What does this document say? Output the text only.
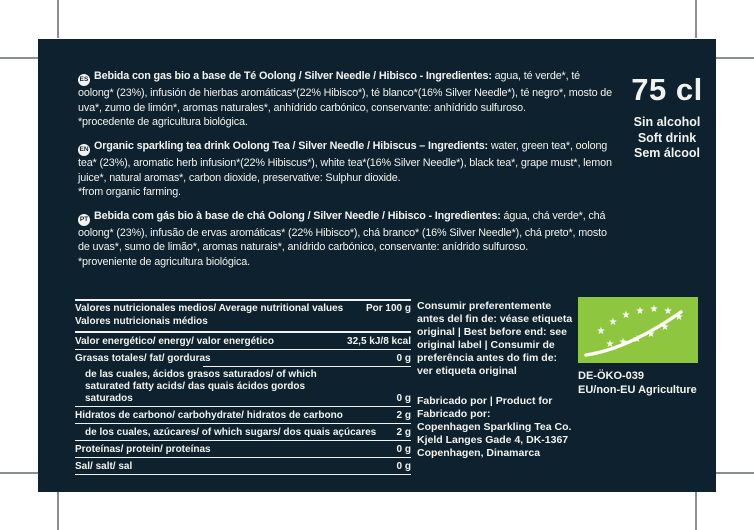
ES Bebida con gas bio a base de Té Oolong / Silver Needle / Hibisco - Ingredientes: agua, té verde*, té oolong* (23%), infusión de hierbas aromáticas*(22% Hibisco*), té blanco*(16% Silver Needle*), té negro*, mosto de uva*, zumo de limón*, aromas naturales*, anhídrido carbónico, conservante: anhídrido sulfuroso.
*procedente de agricultura biológica.
EN Organic sparkling tea drink Oolong Tea / Silver Needle / Hibiscus – Ingredients: water, green tea*, oolong tea* (23%), aromatic herb infusion*(22% Hibiscus*), white tea*(16% Silver Needle*), black tea*, grape must*, lemon juice*, natural aromas*, carbon dioxide, preservative: Sulphur dioxide.
*from organic farming.
PT Bebida com gás bio à base de chá Oolong / Silver Needle / Hibisco - Ingredientes: água, chá verde*, chá oolong* (23%), infusão de ervas aromáticas* (22% Hibisco*), chá branco* (16% Silver Needle*), chá preto*, mosto de uvas*, sumo de limão*, aromas naturais*, anídrido carbónico, conservante: anídrido sulfuroso.
*proveniente de agricultura biológica.
75 cl
Sin alcohol
Soft drink
Sem álcool
Valores nutricionales medios/ Average nutritional values
Valores nutricionais médios
Por 100 g
Valor energético/ energy/ valor energético	32,5 kJ/8 kcal
Grasas totales/ fat/ gorduras	0 g
de las cuales, ácidos grasos saturados/ of which saturated fatty acids/ das quais ácidos gordos saturados	0 g
Hidratos de carbono/ carbohydrate/ hidratos de carbono	2 g
de los cuales, azúcares/ of which sugars/ dos quais açúcares	2 g
Proteínas/ protein/ proteínas	0 g
Sal/ salt/ sal	0 g
Consumir preferentemente antes del fin de: véase etiqueta original | Best before end: see original label | Consumir de preferência antes do fim de: ver etiqueta original
Fabricado por | Product for
Fabricado por:
Copenhagen Sparkling Tea Co.
Kjeld Langes Gade 4, DK-1367
Copenhagen, Dinamarca
★
★
★ ★ ★ ★
★
★ ★ ★ ★
★
DE-ÖKO-039
EU/non-EU Agriculture
